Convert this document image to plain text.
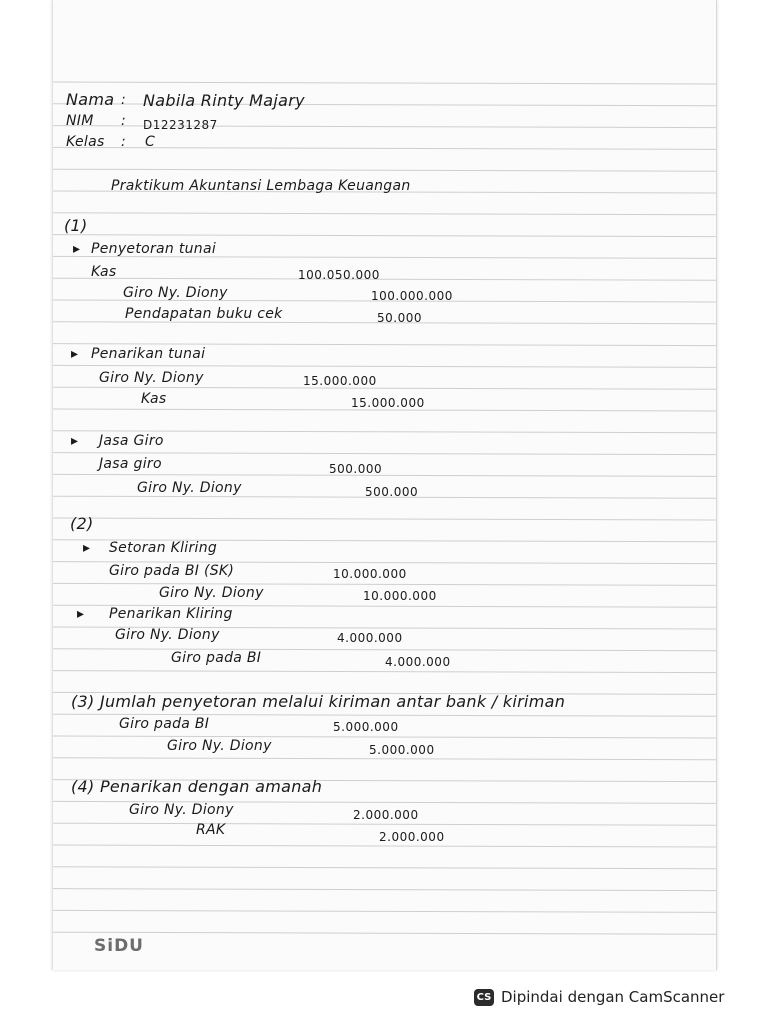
Nama : Nabila Rinty Majary
NIM : D12231287
Kelas : C
Praktikum Akuntansi Lembaga Keuangan
(1)
▸ Penyetoran tunai
Kas	100.050.000
Giro Ny. Diony	100.000.000
Pendapatan buku cek	50.000
▸ Penarikan tunai
Giro Ny. Diony	15.000.000
Kas	15.000.000
▸ Jasa Giro
Jasa giro	500.000
Giro Ny. Diony	500.000
(2)
▸ Setoran Kliring
Giro pada BI (SK)	10.000.000
Giro Ny. Diony	10.000.000
▸ Penarikan Kliring
Giro Ny. Diony	4.000.000
Giro pada BI	4.000.000
(3) Jumlah penyetoran melalui kiriman antar bank / kiriman
Giro pada BI	5.000.000
Giro Ny. Diony	5.000.000
(4) Penarikan dengan amanah
Giro Ny. Diony	2.000.000
RAK	2.000.000
SiDU
CS Dipindai dengan CamScanner
